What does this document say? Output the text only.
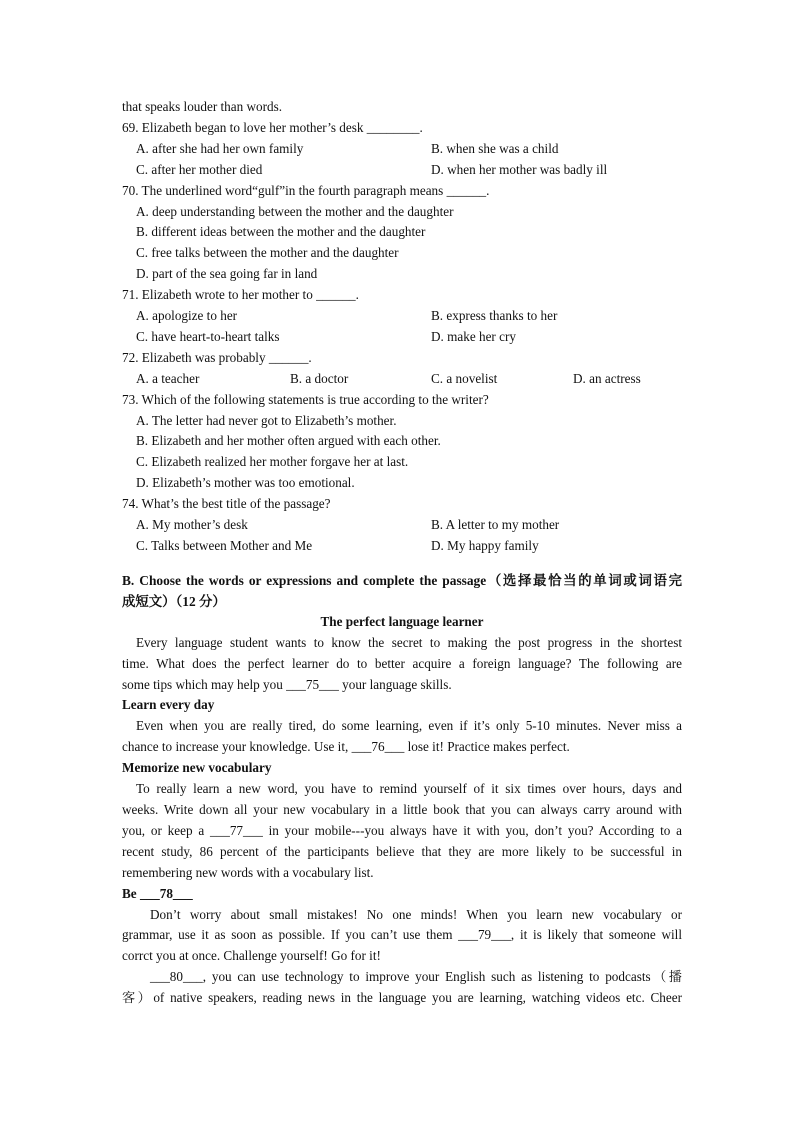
that speaks louder than words.
69. Elizabeth began to love her mother’s desk ________.
A. after she had her own family	B. when she was a child
C. after her mother died	D. when her mother was badly ill
70. The underlined word“gulf”in the fourth paragraph means ______.
A. deep understanding between the mother and the daughter
B. different ideas between the mother and the daughter
C. free talks between the mother and the daughter
D. part of the sea going far in land
71. Elizabeth wrote to her mother to ______.
A. apologize to her	B. express thanks to her
C. have heart-to-heart talks	D. make her cry
72. Elizabeth was probably ______.
A. a teacher	B. a doctor	C. a novelist	D. an actress
73. Which of the following statements is true according to the writer?
A. The letter had never got to Elizabeth’s mother.
B. Elizabeth and her mother often argued with each other.
C. Elizabeth realized her mother forgave her at last.
D. Elizabeth’s mother was too emotional.
74. What’s the best title of the passage?
A. My mother’s desk	B. A letter to my mother
C. Talks between Mother and Me	D. My happy family
B. Choose the words or expressions and complete the passage（选择最恰当的单词或词语完
成短文）（12 分）
The perfect language learner
Every language student wants to know the secret to making the post progress in the shortest
time. What does the perfect learner do to better acquire a foreign language? The following are
some tips which may help you ___75___ your language skills.
Learn every day
Even when you are really tired, do some learning, even if it’s only 5-10 minutes. Never miss a
chance to increase your knowledge. Use it, ___76___ lose it! Practice makes perfect.
Memorize new vocabulary
To really learn a new word, you have to remind yourself of it six times over hours, days and
weeks. Write down all your new vocabulary in a little book that you can always carry around with
you, or keep a ___77___ in your mobile---you always have it with you, don’t you? According to a
recent study, 86 percent of the participants believe that they are more likely to be successful in
remembering new words with a vocabulary list.
Be ___78___
Don’t worry about small mistakes! No one minds! When you learn new vocabulary or
grammar, use it as soon as possible. If you can’t use them ___79___, it is likely that someone will
corrct you at once. Challenge yourself! Go for it!
___80___, you can use technology to improve your English such as listening to podcasts（播
客）of native speakers, reading news in the language you are learning, watching videos etc. Cheer
